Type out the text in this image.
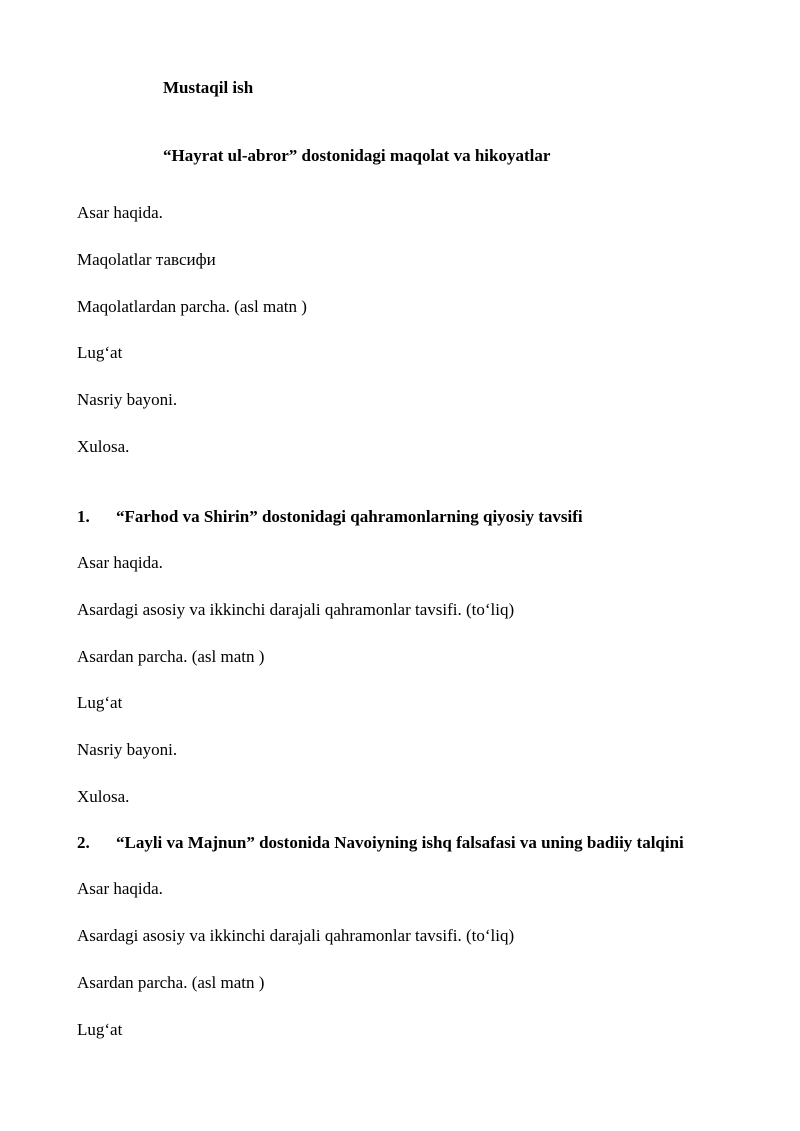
Mustaqil ish
“Hayrat ul-abror” dostonidagi maqolat va hikoyatlar
Asar haqida.
Maqolatlar тавсифи
Maqolatlardan parcha. (asl matn )
Lug‘at
Nasriy bayoni.
Xulosa.
1. “Farhod va Shirin” dostonidagi qahramonlarning qiyosiy tavsifi
Asar haqida.
Asardagi asosiy va ikkinchi darajali qahramonlar tavsifi. (to‘liq)
Asardan parcha. (asl matn )
Lug‘at
Nasriy bayoni.
Xulosa.
2. “Layli va Majnun” dostonida Navoiyning ishq falsafasi va uning badiiy talqini
Asar haqida.
Asardagi asosiy va ikkinchi darajali qahramonlar tavsifi. (to‘liq)
Asardan parcha. (asl matn )
Lug‘at
